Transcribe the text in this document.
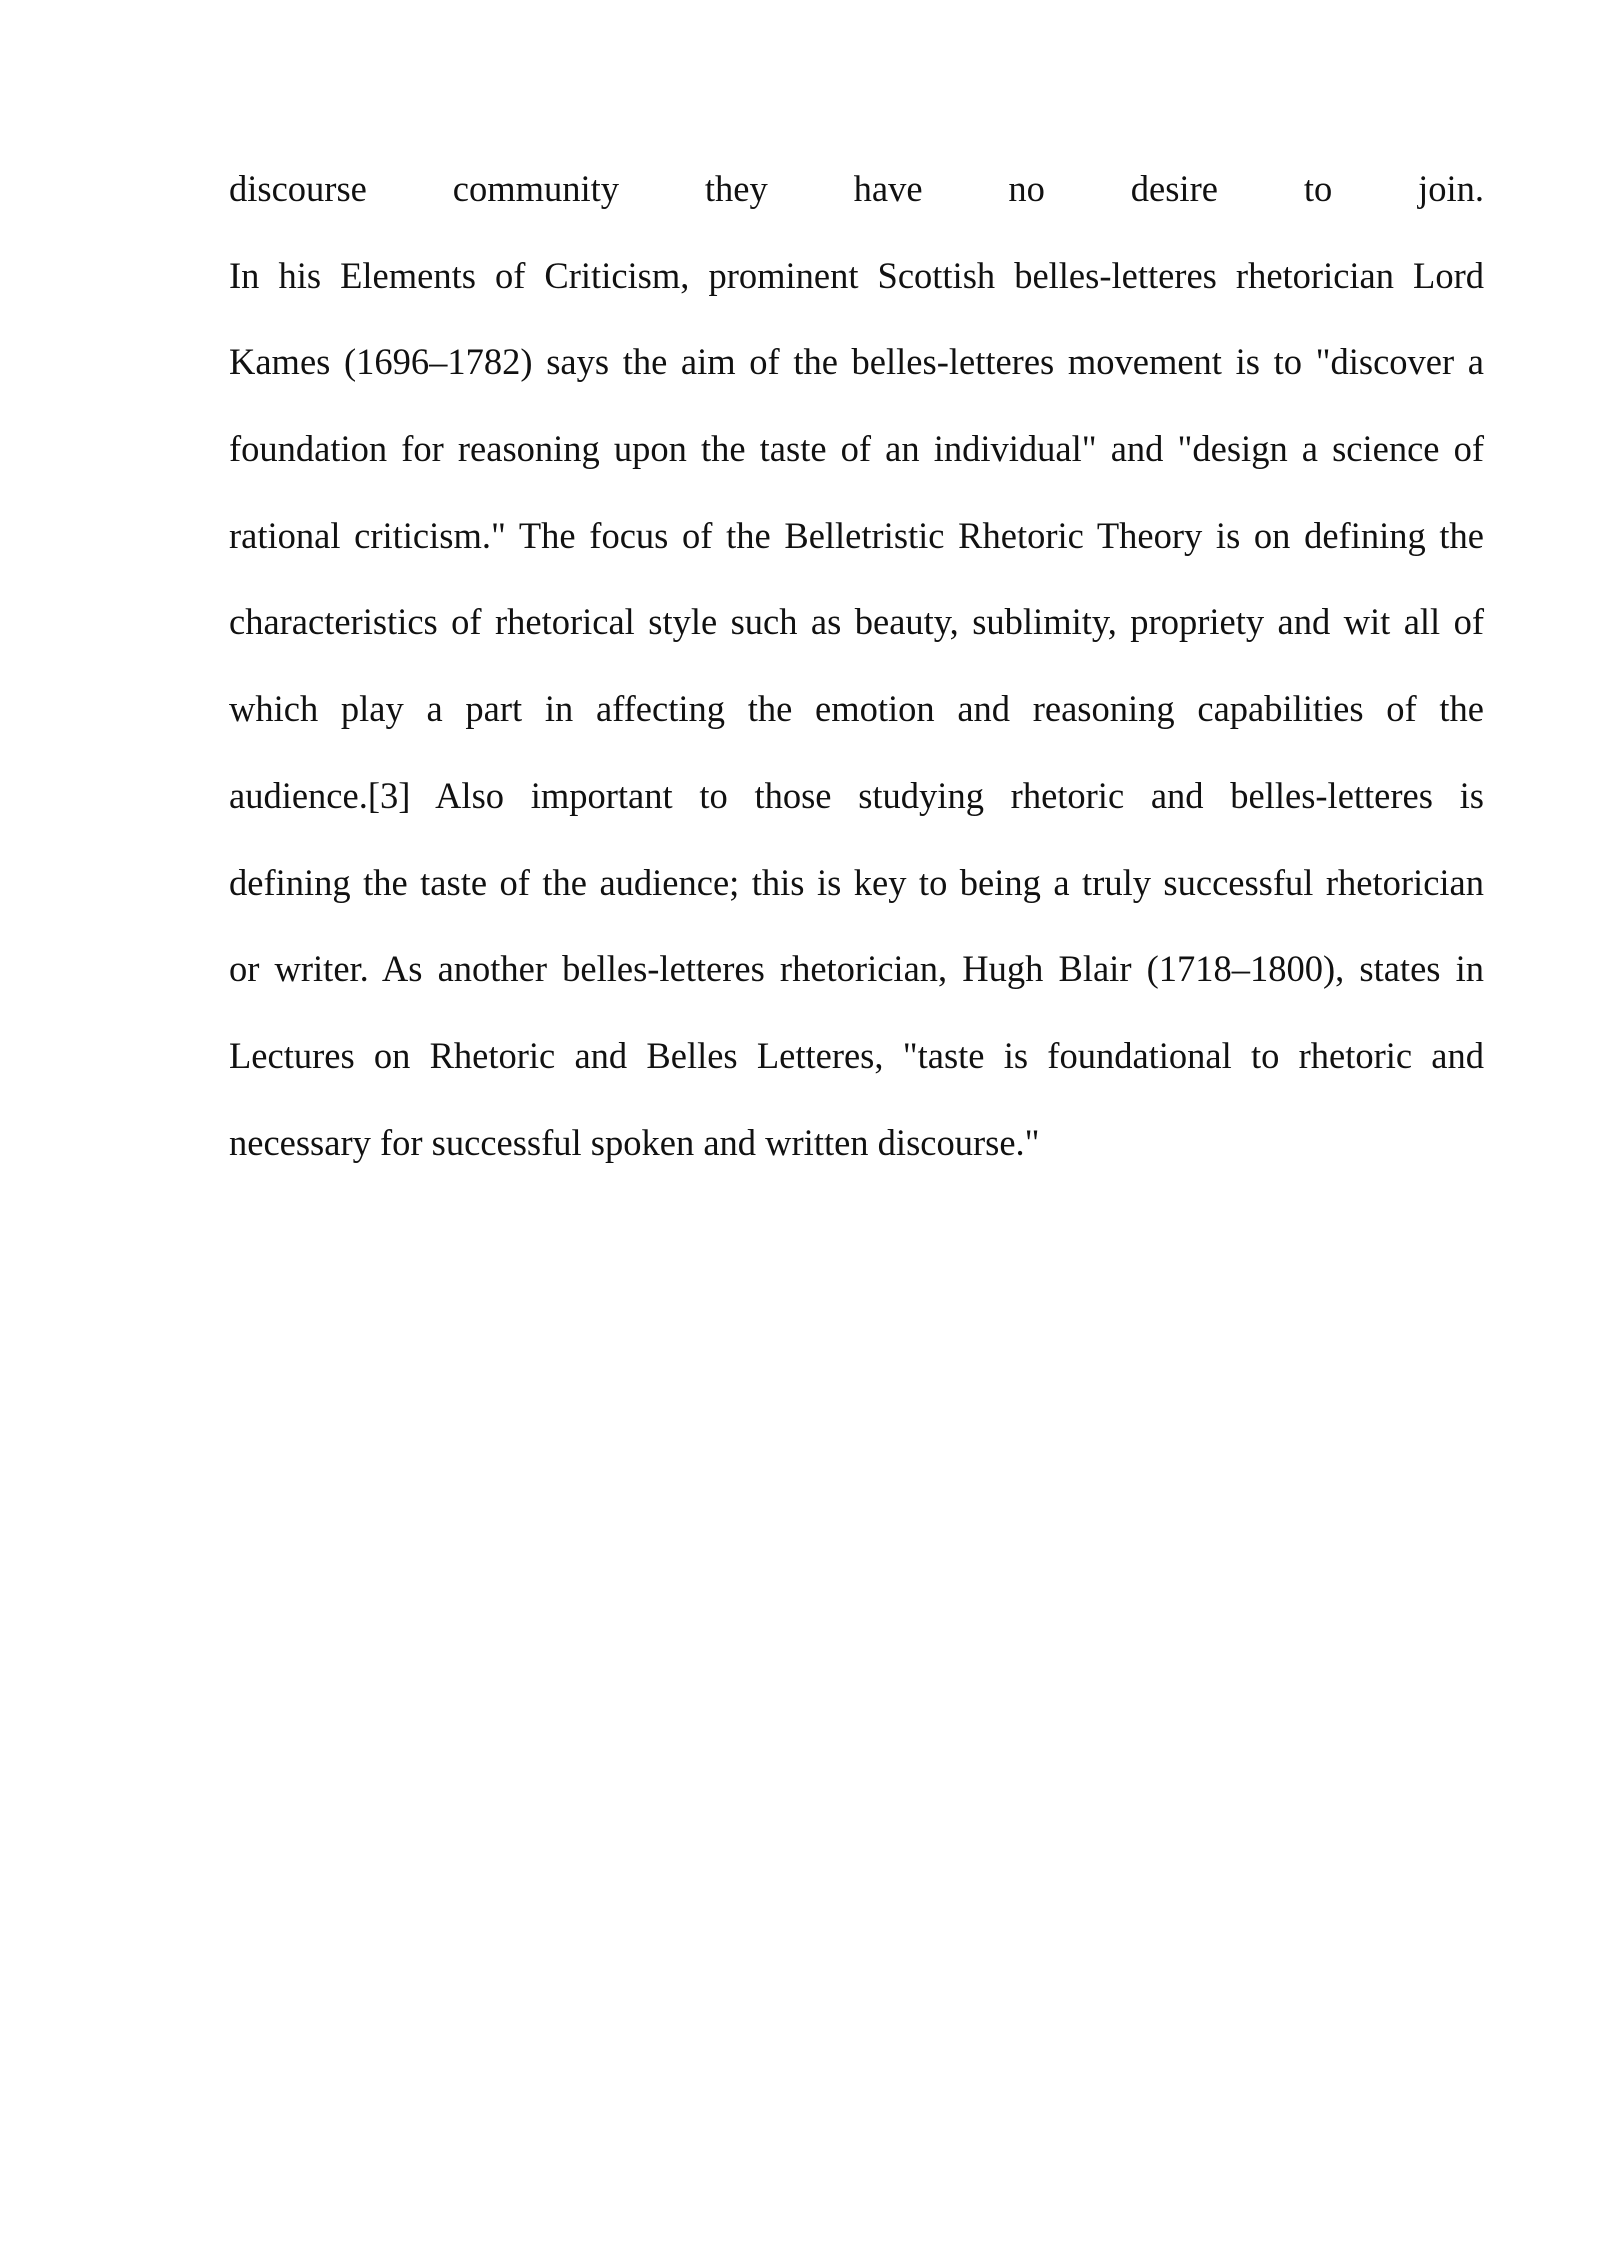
discourse community they have no desire to join.
In his Elements of Criticism, prominent Scottish belles-letteres rhetorician Lord
Kames (1696–1782) says the aim of the belles-letteres movement is to "discover a
foundation for reasoning upon the taste of an individual" and "design a science of
rational criticism." The focus of the Belletristic Rhetoric Theory is on defining the
characteristics of rhetorical style such as beauty, sublimity, propriety and wit all of
which play a part in affecting the emotion and reasoning capabilities of the
audience.[3] Also important to those studying rhetoric and belles-letteres is
defining the taste of the audience; this is key to being a truly successful rhetorician
or writer. As another belles-letteres rhetorician, Hugh Blair (1718–1800), states in
Lectures on Rhetoric and Belles Letteres, "taste is foundational to rhetoric and
necessary for successful spoken and written discourse."
